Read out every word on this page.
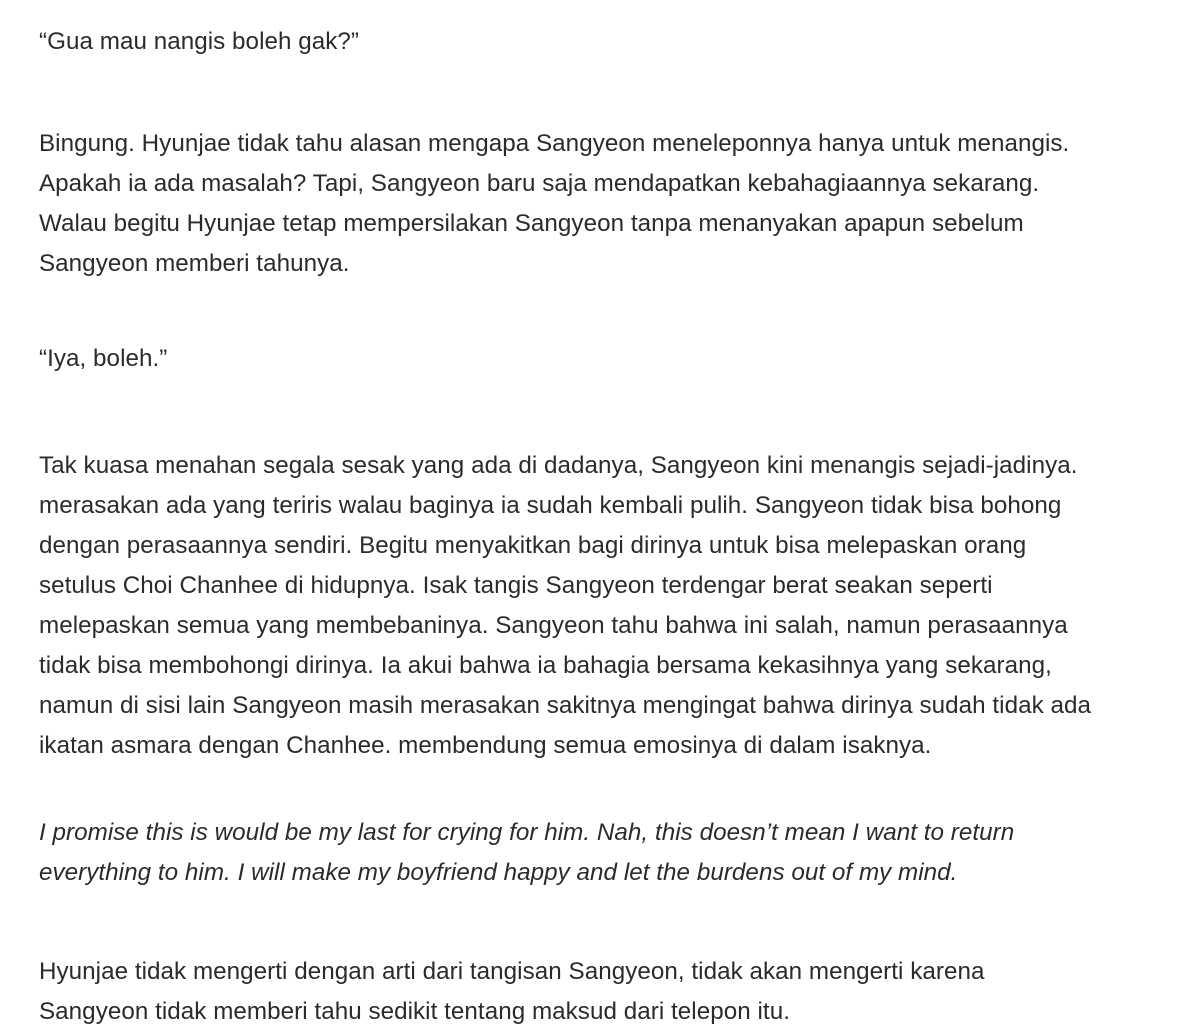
“Gua mau nangis boleh gak?”

Bingung. Hyunjae tidak tahu alasan mengapa Sangyeon meneleponnya hanya untuk menangis.
Apakah ia ada masalah? Tapi, Sangyeon baru saja mendapatkan kebahagiaannya sekarang.
Walau begitu Hyunjae tetap mempersilakan Sangyeon tanpa menanyakan apapun sebelum
Sangyeon memberi tahunya.

“Iya, boleh.”

Tak kuasa menahan segala sesak yang ada di dadanya, Sangyeon kini menangis sejadi-jadinya.
merasakan ada yang teriris walau baginya ia sudah kembali pulih. Sangyeon tidak bisa bohong
dengan perasaannya sendiri. Begitu menyakitkan bagi dirinya untuk bisa melepaskan orang
setulus Choi Chanhee di hidupnya. Isak tangis Sangyeon terdengar berat seakan seperti
melepaskan semua yang membebaninya. Sangyeon tahu bahwa ini salah, namun perasaannya
tidak bisa membohongi dirinya. Ia akui bahwa ia bahagia bersama kekasihnya yang sekarang,
namun di sisi lain Sangyeon masih merasakan sakitnya mengingat bahwa dirinya sudah tidak ada
ikatan asmara dengan Chanhee. membendung semua emosinya di dalam isaknya.

I promise this is would be my last for crying for him. Nah, this doesn’t mean I want to return
everything to him. I will make my boyfriend happy and let the burdens out of my mind.

Hyunjae tidak mengerti dengan arti dari tangisan Sangyeon, tidak akan mengerti karena
Sangyeon tidak memberi tahu sedikit tentang maksud dari telepon itu.
